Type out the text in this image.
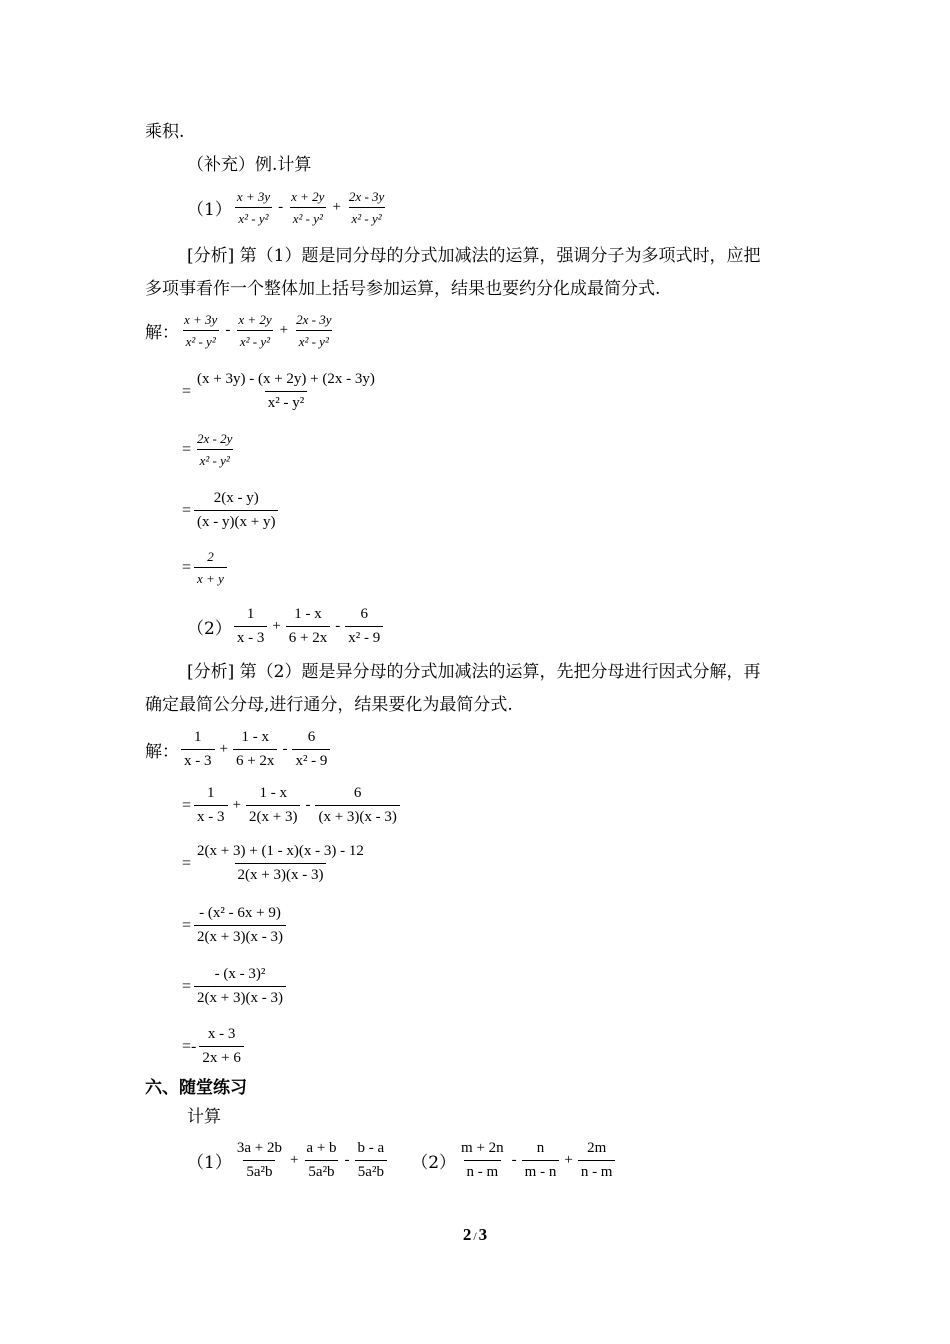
乘积.
（补充）例.计算
$(1) \frac{x + 3y}{\text{x² - y²}} - \frac{x + 2y}{\text{x² - y²}} + \frac{2x - 3y}{\text{x² - y²}}$
[分析] 第（1）题是同分母的分式加减法的运算，强调分子为多项式时，应把
多项事看作一个整体加上括号参加运算，结果也要约分化成最简分式.
解： $\frac{x + 3y}{\text{x² - y²}} - \frac{x + 2y}{\text{x² - y²}} + \frac{2x - 3y}{\text{x² - y²}}$
= $\frac{(x + 3y) - (x + 2y) + (2x - 3y)}{\text{x² - y²}}$
= $\frac{2x - 2y}{\text{x² - y²}}$
= $\frac{2(x - y)}{(x - y)(x + y)}$
= $\frac{2}{x + y}$
$(2) \frac{1}{x - 3} + \frac{1 - x}{6 + 2x} - \frac{6}{\text{x² - 9}}$
[分析] 第（2）题是异分母的分式加减法的运算，先把分母进行因式分解，再
确定最简公分母,进行通分，结果要化为最简分式.
解： $\frac{1}{x - 3} + \frac{1 - x}{6 + 2x} - \frac{6}{\text{x² - 9}}$
= $\frac{1}{x - 3} + \frac{1 - x}{2(x + 3)} - \frac{6}{(x + 3)(x - 3)}$
= $\frac{2(x + 3) + (1 - x)(x - 3) - 12}{2(x + 3)(x - 3)}$
= $\frac{\text{- (x² - 6x + 9)}}{2(x + 3)(x - 3)}$
= $\frac{\text{- (x - 3)²}}{2(x + 3)(x - 3)}$
=- $\frac{x - 3}{2x + 6}$
六、随堂练习
计算
$(1) \frac{3a + 2b}{\text{5a²b}} + \frac{a + b}{\text{5a²b}} - \frac{b - a}{\text{5a²b}} (2) \frac{m + 2n}{n - m} - \frac{n}{m - n} + \frac{2m}{n - m}$
2 / 3
